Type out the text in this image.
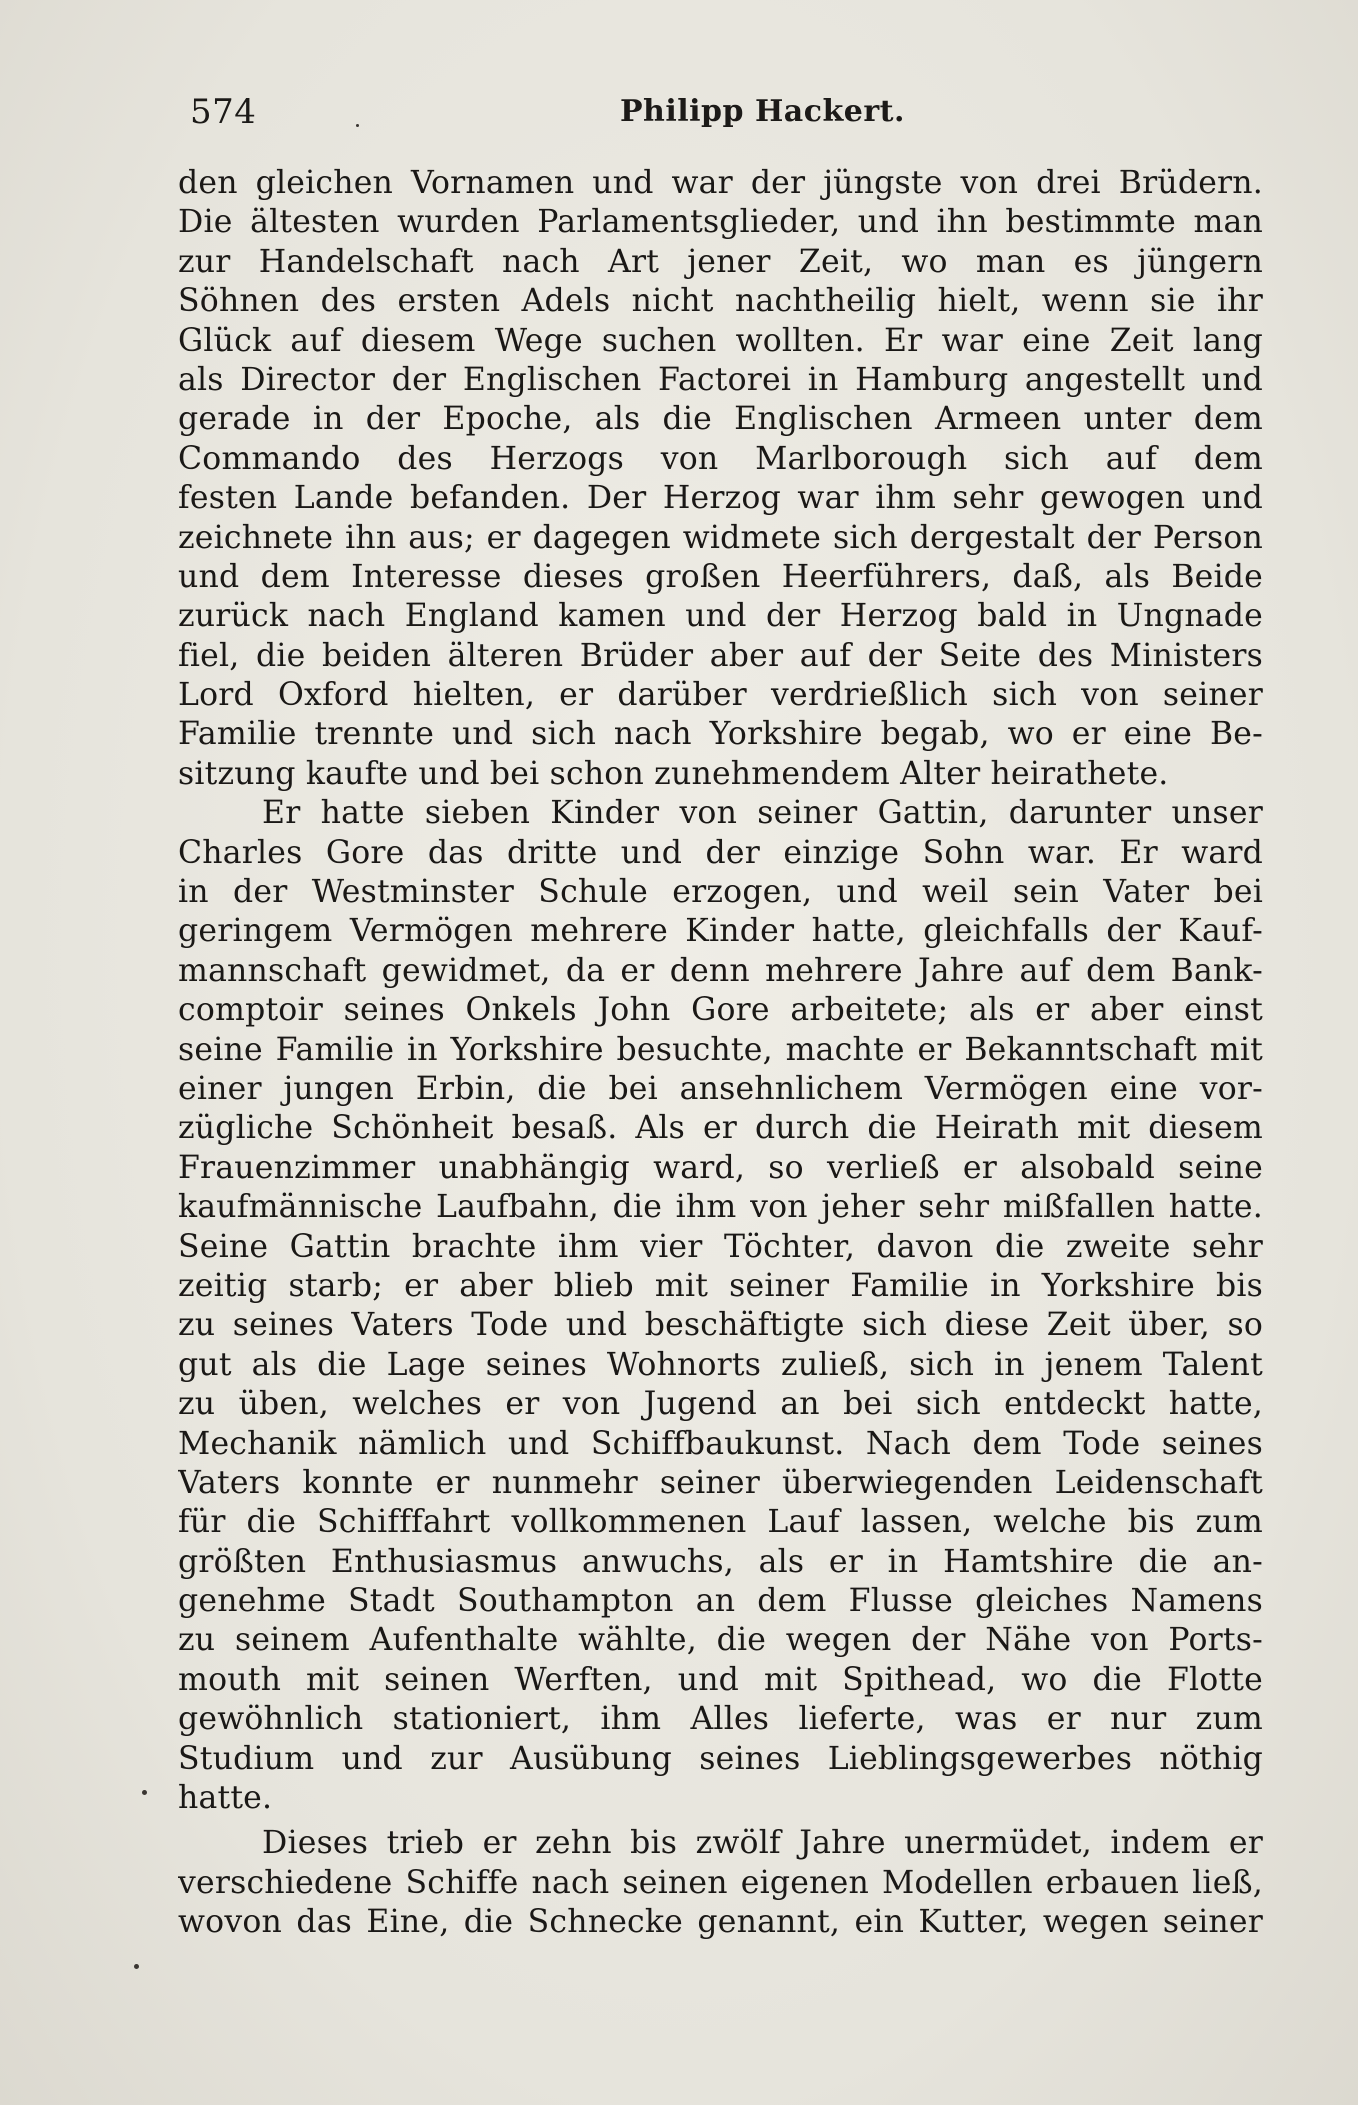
574	Philipp Hackert.
den gleichen Vornamen und war der jüngste von drei Brüdern.
Die ältesten wurden Parlamentsglieder, und ihn bestimmte man
zur Handelschaft nach Art jener Zeit, wo man es jüngern
Söhnen des ersten Adels nicht nachtheilig hielt, wenn sie ihr
Glück auf diesem Wege suchen wollten. Er war eine Zeit lang
als Director der Englischen Factorei in Hamburg angestellt und
gerade in der Epoche, als die Englischen Armeen unter dem
Commando des Herzogs von Marlborough sich auf dem
festen Lande befanden. Der Herzog war ihm sehr gewogen und
zeichnete ihn aus; er dagegen widmete sich dergestalt der Person
und dem Interesse dieses großen Heerführers, daß, als Beide
zurück nach England kamen und der Herzog bald in Ungnade
fiel, die beiden älteren Brüder aber auf der Seite des Ministers
Lord Oxford hielten, er darüber verdrießlich sich von seiner
Familie trennte und sich nach Yorkshire begab, wo er eine Be-
sitzung kaufte und bei schon zunehmendem Alter heirathete.
Er hatte sieben Kinder von seiner Gattin, darunter unser
Charles Gore das dritte und der einzige Sohn war. Er ward
in der Westminster Schule erzogen, und weil sein Vater bei
geringem Vermögen mehrere Kinder hatte, gleichfalls der Kauf-
mannschaft gewidmet, da er denn mehrere Jahre auf dem Bank-
comptoir seines Onkels John Gore arbeitete; als er aber einst
seine Familie in Yorkshire besuchte, machte er Bekanntschaft mit
einer jungen Erbin, die bei ansehnlichem Vermögen eine vor-
zügliche Schönheit besaß. Als er durch die Heirath mit diesem
Frauenzimmer unabhängig ward, so verließ er alsobald seine
kaufmännische Laufbahn, die ihm von jeher sehr mißfallen hatte.
Seine Gattin brachte ihm vier Töchter, davon die zweite sehr
zeitig starb; er aber blieb mit seiner Familie in Yorkshire bis
zu seines Vaters Tode und beschäftigte sich diese Zeit über, so
gut als die Lage seines Wohnorts zuließ, sich in jenem Talent
zu üben, welches er von Jugend an bei sich entdeckt hatte,
Mechanik nämlich und Schiffbaukunst. Nach dem Tode seines
Vaters konnte er nunmehr seiner überwiegenden Leidenschaft
für die Schifffahrt vollkommenen Lauf lassen, welche bis zum
größten Enthusiasmus anwuchs, als er in Hamtshire die an-
genehme Stadt Southampton an dem Flusse gleiches Namens
zu seinem Aufenthalte wählte, die wegen der Nähe von Ports-
mouth mit seinen Werften, und mit Spithead, wo die Flotte
gewöhnlich stationiert, ihm Alles lieferte, was er nur zum
Studium und zur Ausübung seines Lieblingsgewerbes nöthig
hatte.
Dieses trieb er zehn bis zwölf Jahre unermüdet, indem er
verschiedene Schiffe nach seinen eigenen Modellen erbauen ließ,
wovon das Eine, die Schnecke genannt, ein Kutter, wegen seiner
